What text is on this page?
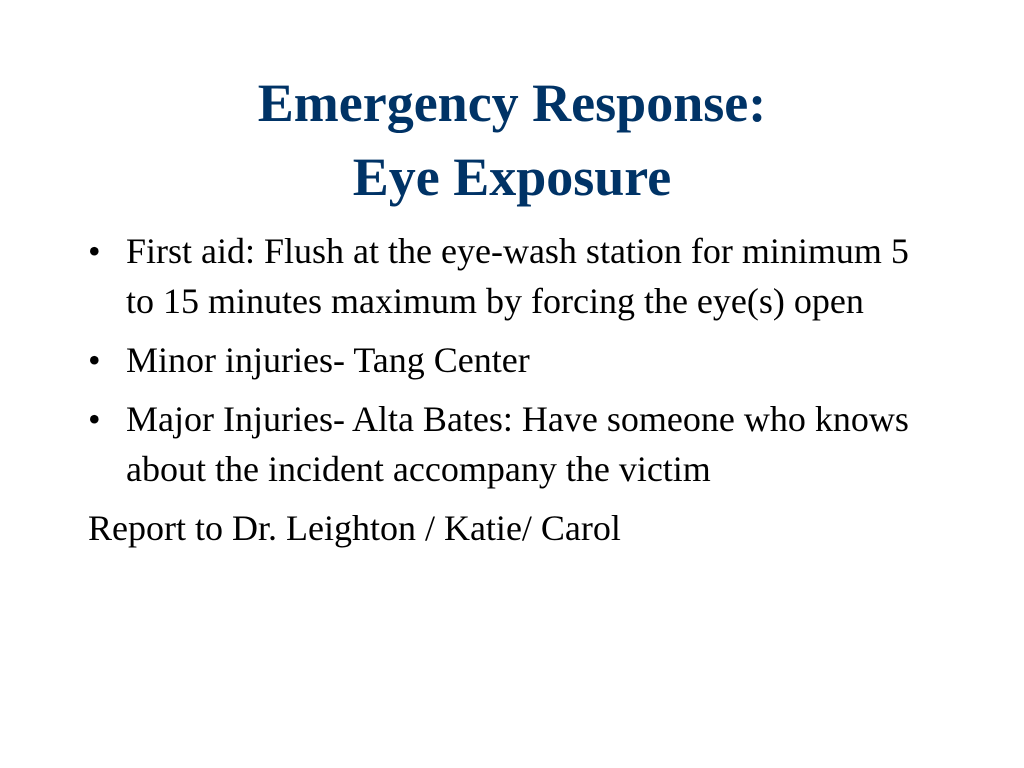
Emergency Response:
Eye Exposure
• First aid: Flush at the eye-wash station for minimum 5 to 15 minutes maximum by forcing the eye(s) open
• Minor injuries- Tang Center
• Major Injuries- Alta Bates: Have someone who knows about the incident accompany the victim
Report to Dr. Leighton / Katie/ Carol
